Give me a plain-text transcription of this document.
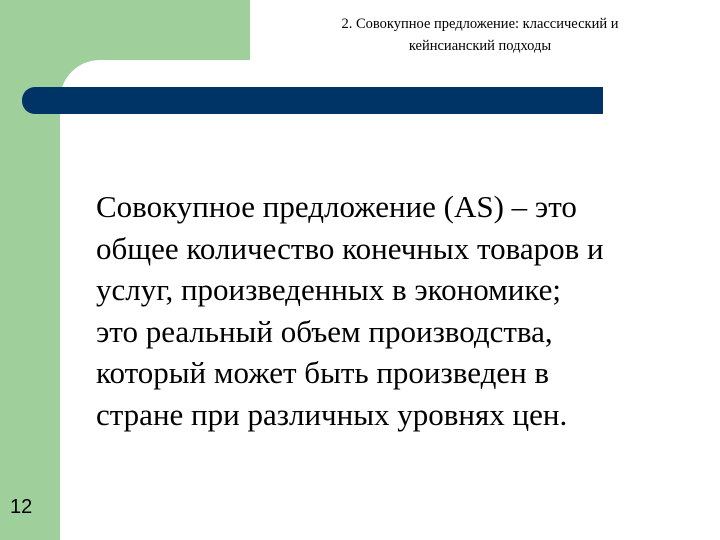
2. Совокупное предложение: классический и
кейнсианский подходы
Совокупное предложение (AS) – это
общее количество конечных товаров и
услуг, произведенных в экономике;
это реальный объем производства,
который может быть произведен в
стране при различных уровнях цен.
12
